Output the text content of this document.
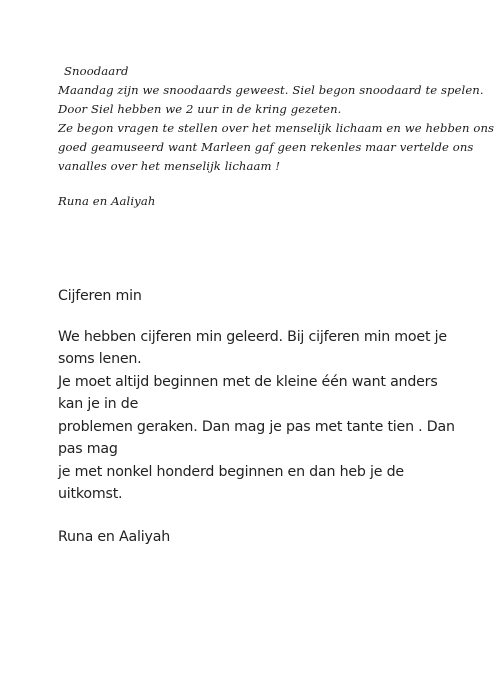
Snoodaard
Maandag zijn we snoodaards geweest. Siel begon snoodaard te spelen.
Door Siel hebben we 2 uur in de kring gezeten.
Ze begon vragen te stellen over het menselijk lichaam en we hebben ons
goed geamuseerd want Marleen gaf geen rekenles maar vertelde ons
vanalles over het menselijk lichaam !
Runa en Aaliyah
Cijferen min
We hebben cijferen min geleerd. Bij cijferen min moet je
soms lenen.
Je moet altijd beginnen met de kleine één want anders
kan je in de
problemen geraken. Dan mag je pas met tante tien . Dan
pas mag
je met nonkel honderd beginnen en dan heb je de
uitkomst.
Runa en Aaliyah
